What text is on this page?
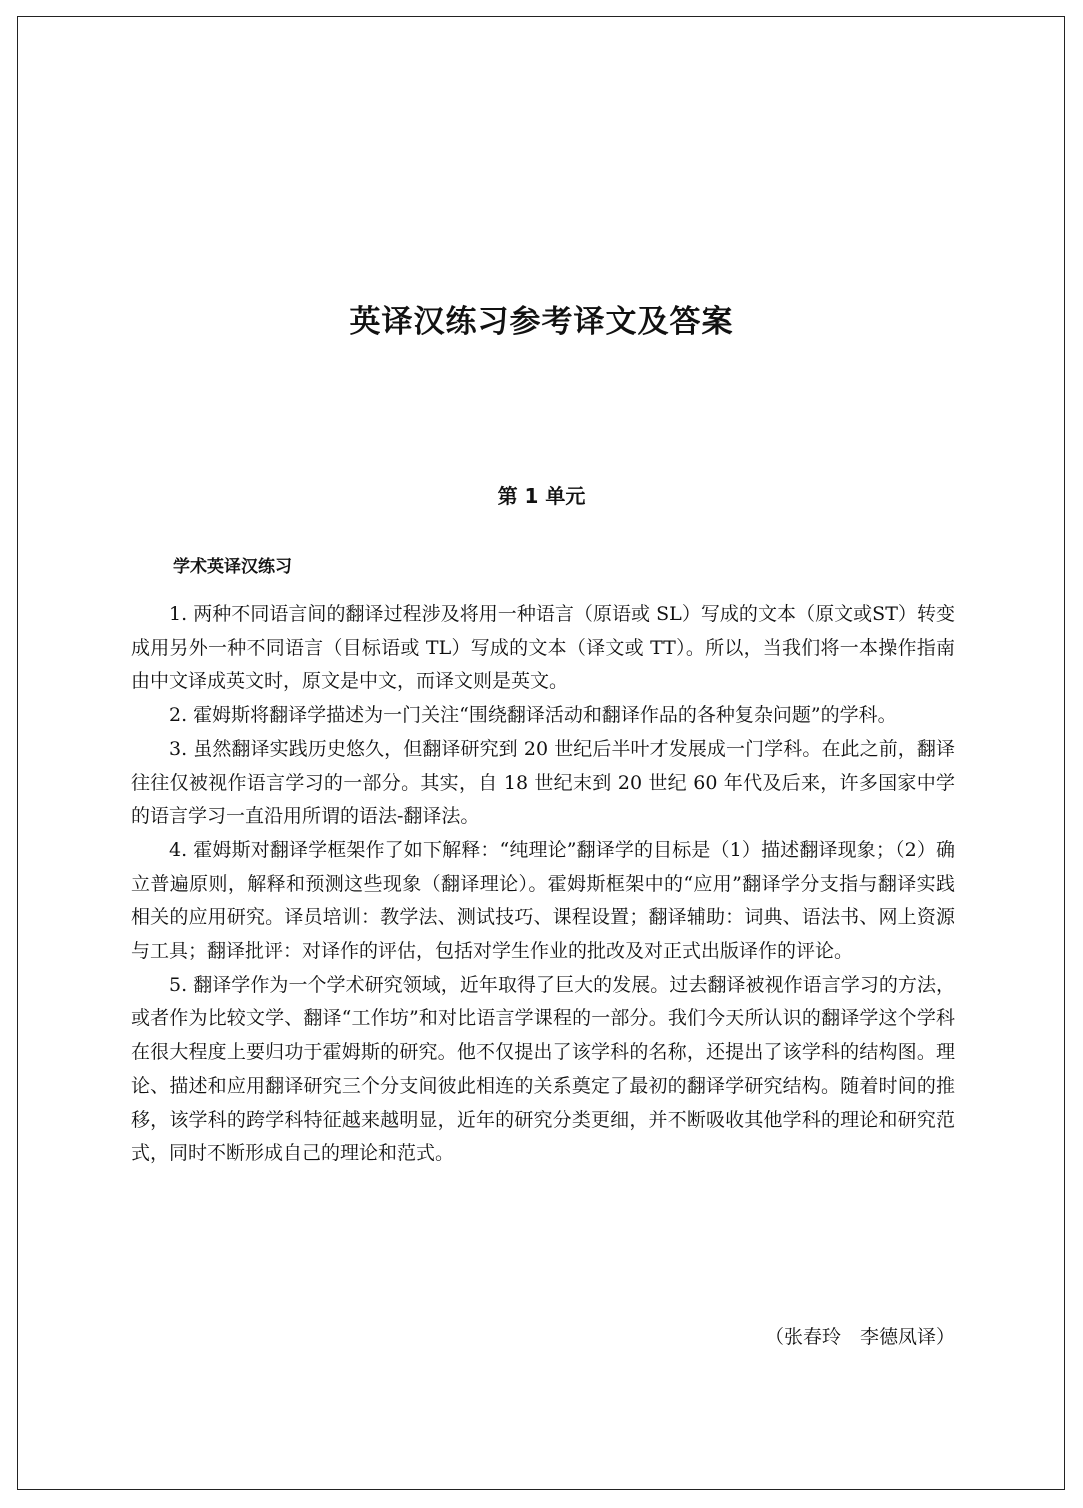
英译汉练习参考译文及答案
第 1 单元
学术英译汉练习

1. 两种不同语言间的翻译过程涉及将用一种语言（原语或 SL）写成的文本（原文或ST）转变成用另外一种不同语言（目标语或 TL）写成的文本（译文或 TT）。所以，当我们将一本操作指南由中文译成英文时，原文是中文，而译文则是英文。

2. 霍姆斯将翻译学描述为一门关注“围绕翻译活动和翻译作品的各种复杂问题”的学科。

3. 虽然翻译实践历史悠久，但翻译研究到 20 世纪后半叶才发展成一门学科。在此之前，翻译往往仅被视作语言学习的一部分。其实，自 18 世纪末到 20 世纪 60 年代及后来，许多国家中学的语言学习一直沿用所谓的语法-翻译法。

4. 霍姆斯对翻译学框架作了如下解释：“纯理论”翻译学的目标是（1）描述翻译现象；（2）确立普遍原则，解释和预测这些现象（翻译理论）。霍姆斯框架中的“应用”翻译学分支指与翻译实践相关的应用研究。译员培训：教学法、测试技巧、课程设置；翻译辅助：词典、语法书、网上资源与工具；翻译批评：对译作的评估，包括对学生作业的批改及对正式出版译作的评论。

5. 翻译学作为一个学术研究领域，近年取得了巨大的发展。过去翻译被视作语言学习的方法，或者作为比较文学、翻译“工作坊”和对比语言学课程的一部分。我们今天所认识的翻译学这个学科在很大程度上要归功于霍姆斯的研究。他不仅提出了该学科的名称，还提出了该学科的结构图。理论、描述和应用翻译研究三个分支间彼此相连的关系奠定了最初的翻译学研究结构。随着时间的推移，该学科的跨学科特征越来越明显，近年的研究分类更细，并不断吸收其他学科的理论和研究范式，同时不断形成自己的理论和范式。

（张春玲　李德凤译）
